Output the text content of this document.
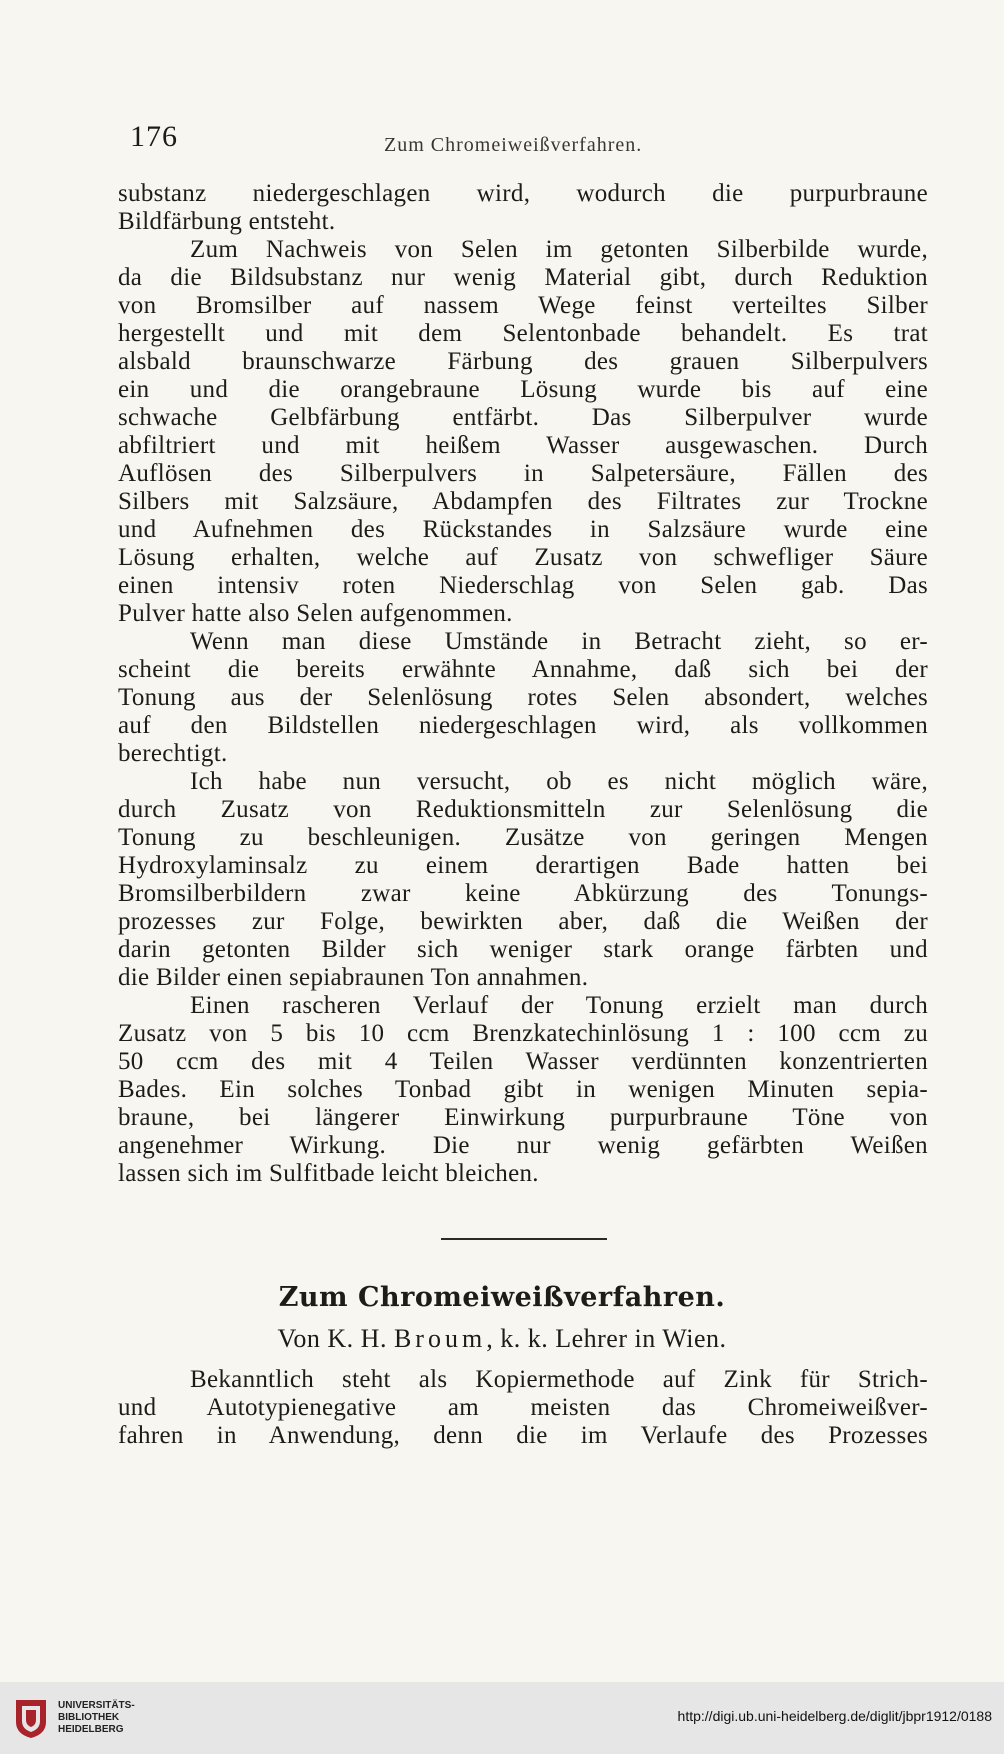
176	Zum Chromeiweißverfahren.
substanz niedergeschlagen wird, wodurch die purpurbraune
Bildfärbung entsteht.
Zum Nachweis von Selen im getonten Silberbilde wurde,
da die Bildsubstanz nur wenig Material gibt, durch Reduktion
von Bromsilber auf nassem Wege feinst verteiltes Silber
hergestellt und mit dem Selentonbade behandelt. Es trat
alsbald braunschwarze Färbung des grauen Silberpulvers
ein und die orangebraune Lösung wurde bis auf eine
schwache Gelbfärbung entfärbt. Das Silberpulver wurde
abfiltriert und mit heißem Wasser ausgewaschen. Durch
Auflösen des Silberpulvers in Salpetersäure, Fällen des
Silbers mit Salzsäure, Abdampfen des Filtrates zur Trockne
und Aufnehmen des Rückstandes in Salzsäure wurde eine
Lösung erhalten, welche auf Zusatz von schwefliger Säure
einen intensiv roten Niederschlag von Selen gab. Das
Pulver hatte also Selen aufgenommen.
Wenn man diese Umstände in Betracht zieht, so er-
scheint die bereits erwähnte Annahme, daß sich bei der
Tonung aus der Selenlösung rotes Selen absondert, welches
auf den Bildstellen niedergeschlagen wird, als vollkommen
berechtigt.
Ich habe nun versucht, ob es nicht möglich wäre,
durch Zusatz von Reduktionsmitteln zur Selenlösung die
Tonung zu beschleunigen. Zusätze von geringen Mengen
Hydroxylaminsalz zu einem derartigen Bade hatten bei
Bromsilberbildern zwar keine Abkürzung des Tonungs-
prozesses zur Folge, bewirkten aber, daß die Weißen der
darin getonten Bilder sich weniger stark orange färbten und
die Bilder einen sepiabraunen Ton annahmen.
Einen rascheren Verlauf der Tonung erzielt man durch
Zusatz von 5 bis 10 ccm Brenzkatechinlösung 1 : 100 ccm zu
50 ccm des mit 4 Teilen Wasser verdünnten konzentrierten
Bades. Ein solches Tonbad gibt in wenigen Minuten sepia-
braune, bei längerer Einwirkung purpurbraune Töne von
angenehmer Wirkung. Die nur wenig gefärbten Weißen
lassen sich im Sulfitbade leicht bleichen.
Zum Chromeiweißverfahren.
Von K. H. Broum, k. k. Lehrer in Wien.
Bekanntlich steht als Kopiermethode auf Zink für Strich-
und Autotypienegative am meisten das Chromeiweißver-
fahren in Anwendung, denn die im Verlaufe des Prozesses
UNIVERSITÄTS-
BIBLIOTHEK
HEIDELBERG
http://digi.ub.uni-heidelberg.de/diglit/jbpr1912/0188
